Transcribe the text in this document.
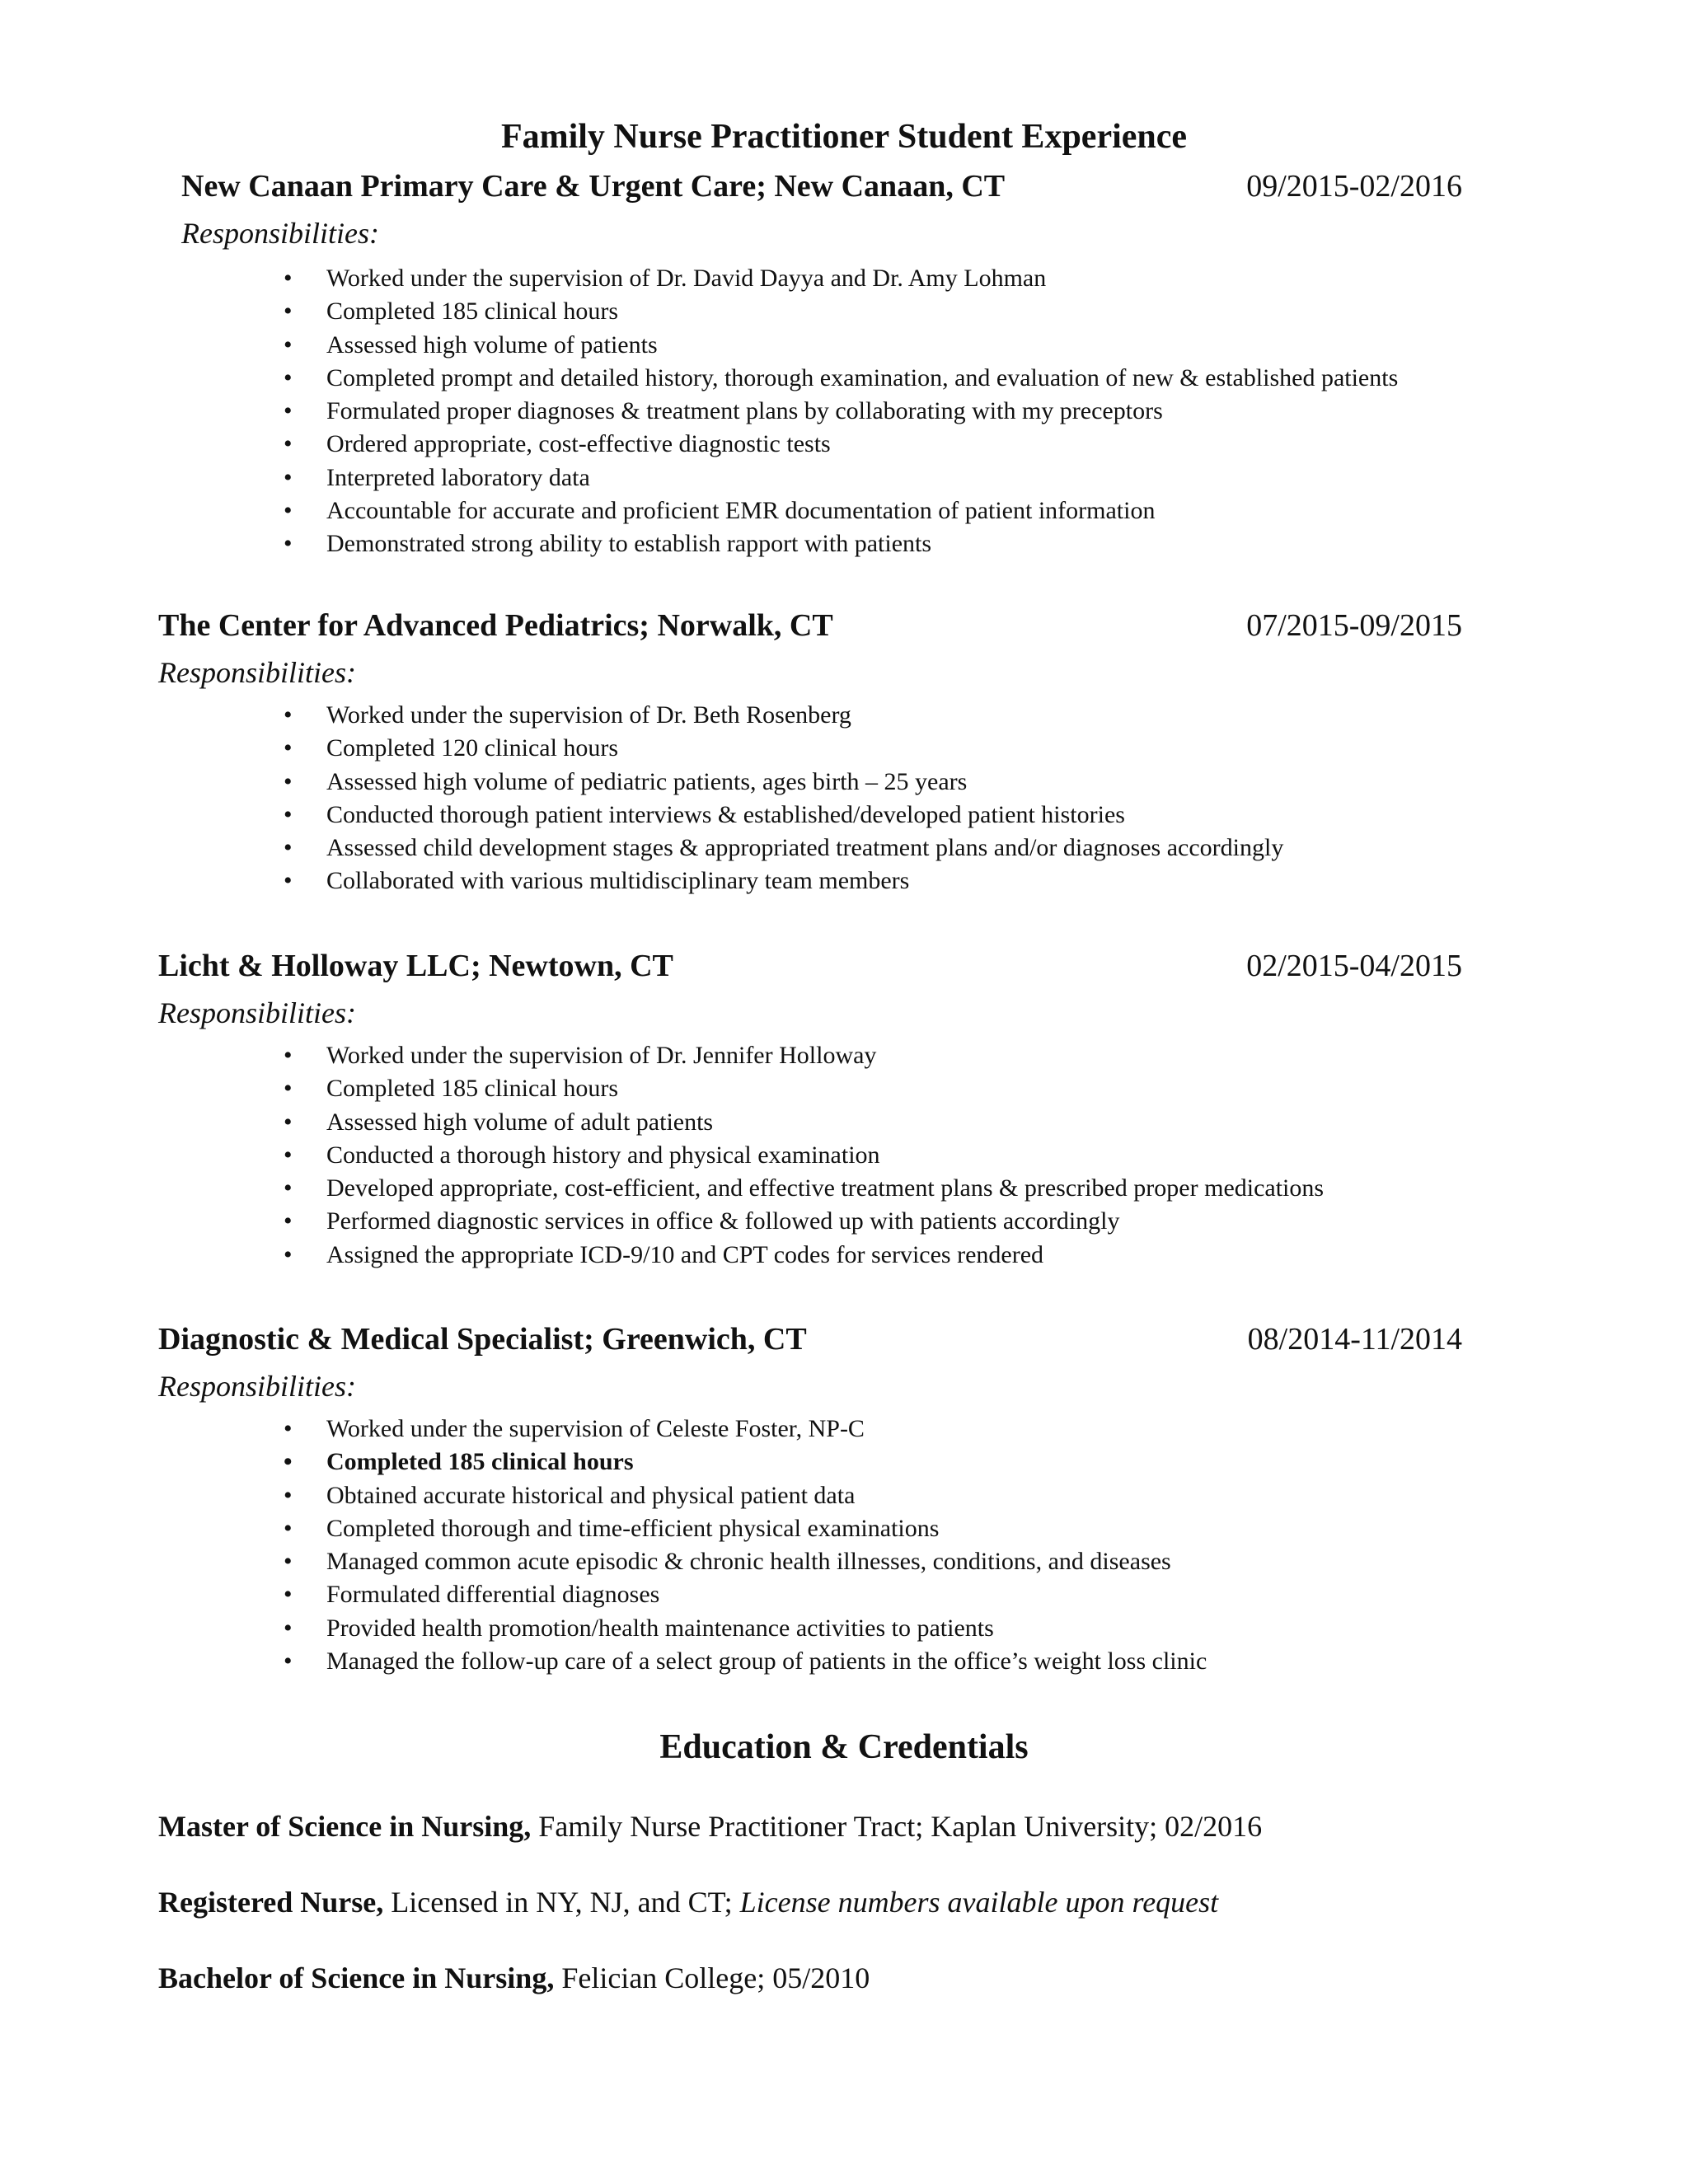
Family Nurse Practitioner Student Experience
New Canaan Primary Care & Urgent Care; New Canaan, CT	09/2015-02/2016
Responsibilities:
• Worked under the supervision of Dr. David Dayya and Dr. Amy Lohman
• Completed 185 clinical hours
• Assessed high volume of patients
• Completed prompt and detailed history, thorough examination, and evaluation of new & established patients
• Formulated proper diagnoses & treatment plans by collaborating with my preceptors
• Ordered appropriate, cost-effective diagnostic tests
• Interpreted laboratory data
• Accountable for accurate and proficient EMR documentation of patient information
• Demonstrated strong ability to establish rapport with patients
The Center for Advanced Pediatrics; Norwalk, CT	07/2015-09/2015
Responsibilities:
• Worked under the supervision of Dr. Beth Rosenberg
• Completed 120 clinical hours
• Assessed high volume of pediatric patients, ages birth – 25 years
• Conducted thorough patient interviews & established/developed patient histories
• Assessed child development stages & appropriated treatment plans and/or diagnoses accordingly
• Collaborated with various multidisciplinary team members
Licht & Holloway LLC; Newtown, CT	02/2015-04/2015
Responsibilities:
• Worked under the supervision of Dr. Jennifer Holloway
• Completed 185 clinical hours
• Assessed high volume of adult patients
• Conducted a thorough history and physical examination
• Developed appropriate, cost-efficient, and effective treatment plans & prescribed proper medications
• Performed diagnostic services in office & followed up with patients accordingly
• Assigned the appropriate ICD-9/10 and CPT codes for services rendered
Diagnostic & Medical Specialist; Greenwich, CT	08/2014-11/2014
Responsibilities:
• Worked under the supervision of Celeste Foster, NP-C
• Completed 185 clinical hours
• Obtained accurate historical and physical patient data
• Completed thorough and time-efficient physical examinations
• Managed common acute episodic & chronic health illnesses, conditions, and diseases
• Formulated differential diagnoses
• Provided health promotion/health maintenance activities to patients
• Managed the follow-up care of a select group of patients in the office’s weight loss clinic
Education & Credentials
Master of Science in Nursing, Family Nurse Practitioner Tract; Kaplan University; 02/2016
Registered Nurse, Licensed in NY, NJ, and CT; License numbers available upon request
Bachelor of Science in Nursing, Felician College; 05/2010
